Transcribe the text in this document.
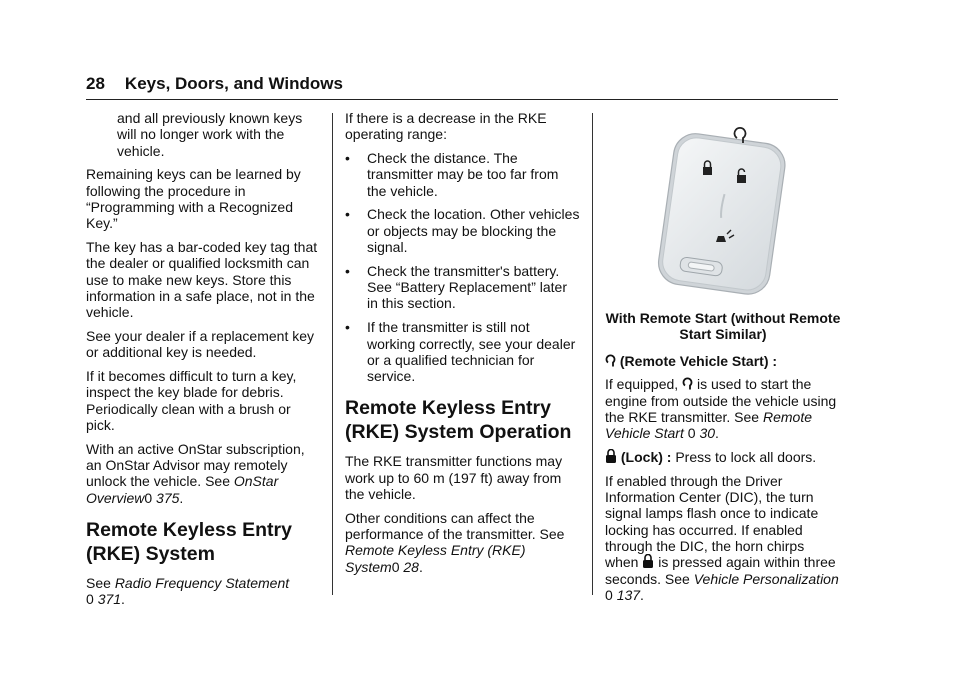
28 Keys, Doors, and Windows

and all previously known keys will no longer work with the vehicle.

Remaining keys can be learned by following the procedure in “Programming with a Recognized Key.”

The key has a bar-coded key tag that the dealer or qualified locksmith can use to make new keys. Store this information in a safe place, not in the vehicle.

See your dealer if a replacement key or additional key is needed.

If it becomes difficult to turn a key, inspect the key blade for debris. Periodically clean with a brush or pick.

With an active OnStar subscription, an OnStar Advisor may remotely unlock the vehicle. See OnStar Overview0 375.

Remote Keyless Entry (RKE) System

See Radio Frequency Statement
0 371.

If there is a decrease in the RKE operating range:

•	Check the distance. The transmitter may be too far from the vehicle.
•	Check the location. Other vehicles or objects may be blocking the signal.
•	Check the transmitter's battery. See “Battery Replacement” later in this section.
•	If the transmitter is still not working correctly, see your dealer or a qualified technician for service.
Remote Keyless Entry (RKE) System Operation

The RKE transmitter functions may work up to 60 m (197 ft) away from the vehicle.

Other conditions can affect the performance of the transmitter. See Remote Keyless Entry (RKE) System0 28.

With Remote Start (without Remote Start Similar)

(Remote Vehicle Start) :

If equipped,  is used to start the engine from outside the vehicle using the RKE transmitter. See Remote Vehicle Start 0 30.

(Lock) : Press to lock all doors.

If enabled through the Driver Information Center (DIC), the turn signal lamps flash once to indicate locking has occurred. If enabled through the DIC, the horn chirps when  is pressed again within three seconds. See Vehicle Personalization 0 137.
